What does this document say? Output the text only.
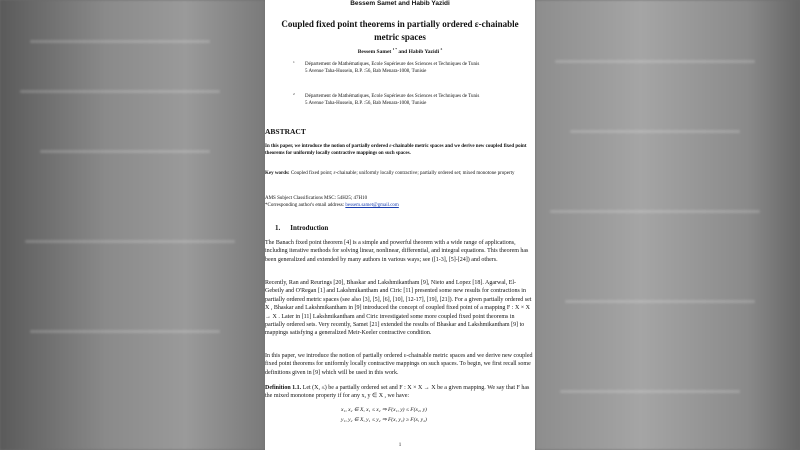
Bessem Samet and Habib Yazidi
Coupled fixed point theorems in partially ordered ε-chainable metric spaces
Bessem Samet $^{1 *}$ and Habib Yazidi $^2$
1 Département de Mathématiques, Ecole Supérieure des Sciences et Techniques de Tunis
5 Avenue Taha-Hussein, B.P. :56, Bab Menara-1008, Tunisie
2 Département de Mathématiques, Ecole Supérieure des Sciences et Techniques de Tunis
5 Avenue Taha-Hussein, B.P. :56, Bab Menara-1008, Tunisie
ABSTRACT
In this paper, we introduce the notion of partially ordered ε-chainable metric spaces and we derive new coupled fixed point theorems for uniformly locally contractive mappings on such spaces.
Key words: Coupled fixed point; ε-chainable; uniformly locally contractive; partially ordered set; mixed monotone property
AMS Subject Classifications MSC: 54H25; 47H10
*Corresponding author's email address: bessem.samet@gmail.com
1. Introduction
The Banach fixed point theorem [4] is a simple and powerful theorem with a wide range of applications, including iterative methods for solving linear, nonlinear, differential, and integral equations. This theorem has been generalized and extended by many authors in various ways; see ([1-3], [5]-[24]) and others.
Recently, Ran and Reurings [20], Bhaskar and Lakshmikantham [9], Nieto and Lopez [18]. Agarwal, El-Gebeily and O'Regan [1] and Lakshmikantham and Ciric [11] presented some new results for contractions in partially ordered metric spaces (see also [3], [5], [6], [10], [12-17], [19], [21]). For a given partially ordered set X , Bhaskar and Lakshmikantham in [9] introduced the concept of coupled fixed point of a mapping F : X × X → X . Later in [11] Lakshmikantham and Ciric investigated some more coupled fixed point theorems in partially ordered sets. Very recently, Samet [21] extended the results of Bhaskar and Lakshmikantham [9] to mappings satisfying a generalized Meir-Keeler contractive condition.
In this paper, we introduce the notion of partially ordered ε-chainable metric spaces and we derive new coupled fixed point theorems for uniformly locally contractive mappings on such spaces. To begin, we first recall some definitions given in [9] which will be used in this work.
Definition 1.1. Let (X, ≤) be a partially ordered set and F : X × X → X be a given mapping. We say that F has the mixed monotone property if for any x, y ∈ X , we have:
x₁, x₂ ∈ X, x₁ ≤ x₂ ⇒ F(x₁, y) ≤ F(x₂, y)
y₁, y₂ ∈ X, y₁ ≤ y₂ ⇒ F(x, y₁) ≥ F(x, y₂)
1
